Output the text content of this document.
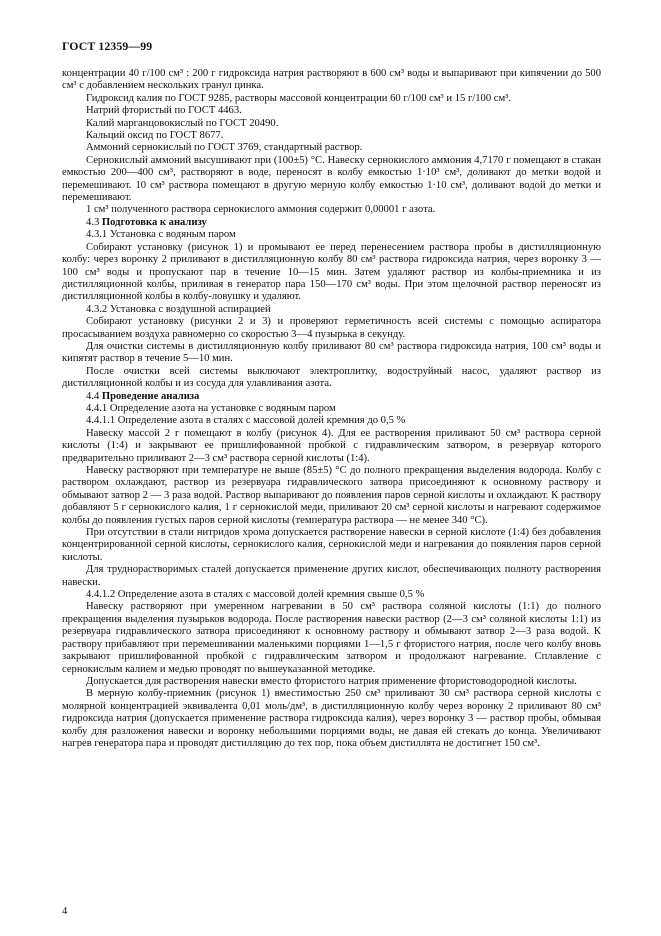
ГОСТ 12359—99

концентрации 40 г/100 см³ : 200 г гидроксида натрия растворяют в 600 см³ воды и выпаривают при кипячении до 500 см³ с добавлением нескольких гранул цинка.

Гидроксид калия по ГОСТ 9285, растворы массовой концентрации 60 г/100 см³ и 15 г/100 см³.

Натрий фтористый по ГОСТ 4463.

Калий марганцовокислый по ГОСТ 20490.

Кальций оксид по ГОСТ 8677.

Аммоний сернокислый по ГОСТ 3769, стандартный раствор.

Сернокислый аммоний высушивают при (100±5) °С. Навеску сернокислого аммония 4,7170 г помещают в стакан емкостью 200—400 см³, растворяют в воде, переносят в колбу емкостью 1·10³ см³, доливают до метки водой и перемешивают. 10 см³ раствора помещают в другую мерную колбу емкостью 1·10 см³, доливают водой до метки и перемешивают.

1 см³ полученного раствора сернокислого аммония содержит 0,00001 г азота.

4.3 Подготовка к анализу

4.3.1 Установка с водяным паром

Собирают установку (рисунок 1) и промывают ее перед перенесением раствора пробы в дистилляционную колбу: через воронку 2 приливают в дистилляционную колбу 80 см³ раствора гидроксида натрия, через воронку 3 — 100 см³ воды и пропускают пар в течение 10—15 мин. Затем удаляют раствор из колбы-приемника и из дистилляционной колбы, приливая в генератор пара 150—170 см³ воды. При этом щелочной раствор переносят из дистилляционной колбы в колбу-ловушку и удаляют.

4.3.2 Установка с воздушной аспирацией

Собирают установку (рисунки 2 и 3) и проверяют герметичность всей системы с помощью аспиратора просасыванием воздуха равномерно со скоростью 3—4 пузырька в секунду.

Для очистки системы в дистилляционную колбу приливают 80 см³ раствора гидроксида натрия, 100 см³ воды и кипятят раствор в течение 5—10 мин.

После очистки всей системы выключают электроплитку, водоструйный насос, удаляют раствор из дистилляционной колбы и из сосуда для улавливания азота.

4.4 Проведение анализа

4.4.1 Определение азота на установке с водяным паром

4.4.1.1 Определение азота в сталях с массовой долей кремния до 0,5 %

Навеску массой 2 г помещают в колбу (рисунок 4). Для ее растворения приливают 50 см³ раствора серной кислоты (1:4) и закрывают ее пришлифованной пробкой с гидравлическим затвором, в резервуар которого предварительно приливают 2—3 см³ раствора серной кислоты (1:4).

Навеску растворяют при температуре не выше (85±5) °С до полного прекращения выделения водорода. Колбу с раствором охлаждают, раствор из резервуара гидравлического затвора присоединяют к основному раствору и обмывают затвор 2 — 3 раза водой. Раствор выпаривают до появления паров серной кислоты и охлаждают. К раствору добавляют 5 г сернокислого калия, 1 г сернокислой меди, приливают 20 см³ серной кислоты и нагревают содержимое колбы до появления густых паров серной кислоты (температура раствора — не менее 340 °С).

При отсутствии в стали нитридов хрома допускается растворение навески в серной кислоте (1:4) без добавления концентрированной серной кислоты, сернокислого калия, сернокислой меди и нагревания до появления паров серной кислоты.

Для труднорастворимых сталей допускается применение других кислот, обеспечивающих полноту растворения навески.

4.4.1.2 Определение азота в сталях с массовой долей кремния свыше 0,5 %

Навеску растворяют при умеренном нагревании в 50 см³ раствора соляной кислоты (1:1) до полного прекращения выделения пузырьков водорода. После растворения навески раствор (2—3 см³ соляной кислоты 1:1) из резервуара гидравлического затвора присоединяют к основному раствору и обмывают затвор 2—3 раза водой. К раствору прибавляют при перемешивании маленькими порциями 1—1,5 г фтористого натрия, после чего колбу вновь закрывают пришлифованной пробкой с гидравлическим затвором и продолжают нагревание. Сплавление с сернокислым калием и медью проводят по вышеуказанной методике.

Допускается для растворения навески вместо фтористого натрия применение фтористоводородной кислоты.

В мерную колбу-приемник (рисунок 1) вместимостью 250 см³ приливают 30 см³ раствора серной кислоты с молярной концентрацией эквивалента 0,01 моль/дм³, в дистилляционную колбу через воронку 2 приливают 80 см³ гидроксида натрия (допускается применение раствора гидроксида калия), через воронку 3 — раствор пробы, обмывая колбу для разложения навески и воронку небольшими порциями воды, не давая ей стекать до конца. Увеличивают нагрев генератора пара и проводят дистилляцию до тех пор, пока объем дистиллята не достигнет 150 см³.

4
